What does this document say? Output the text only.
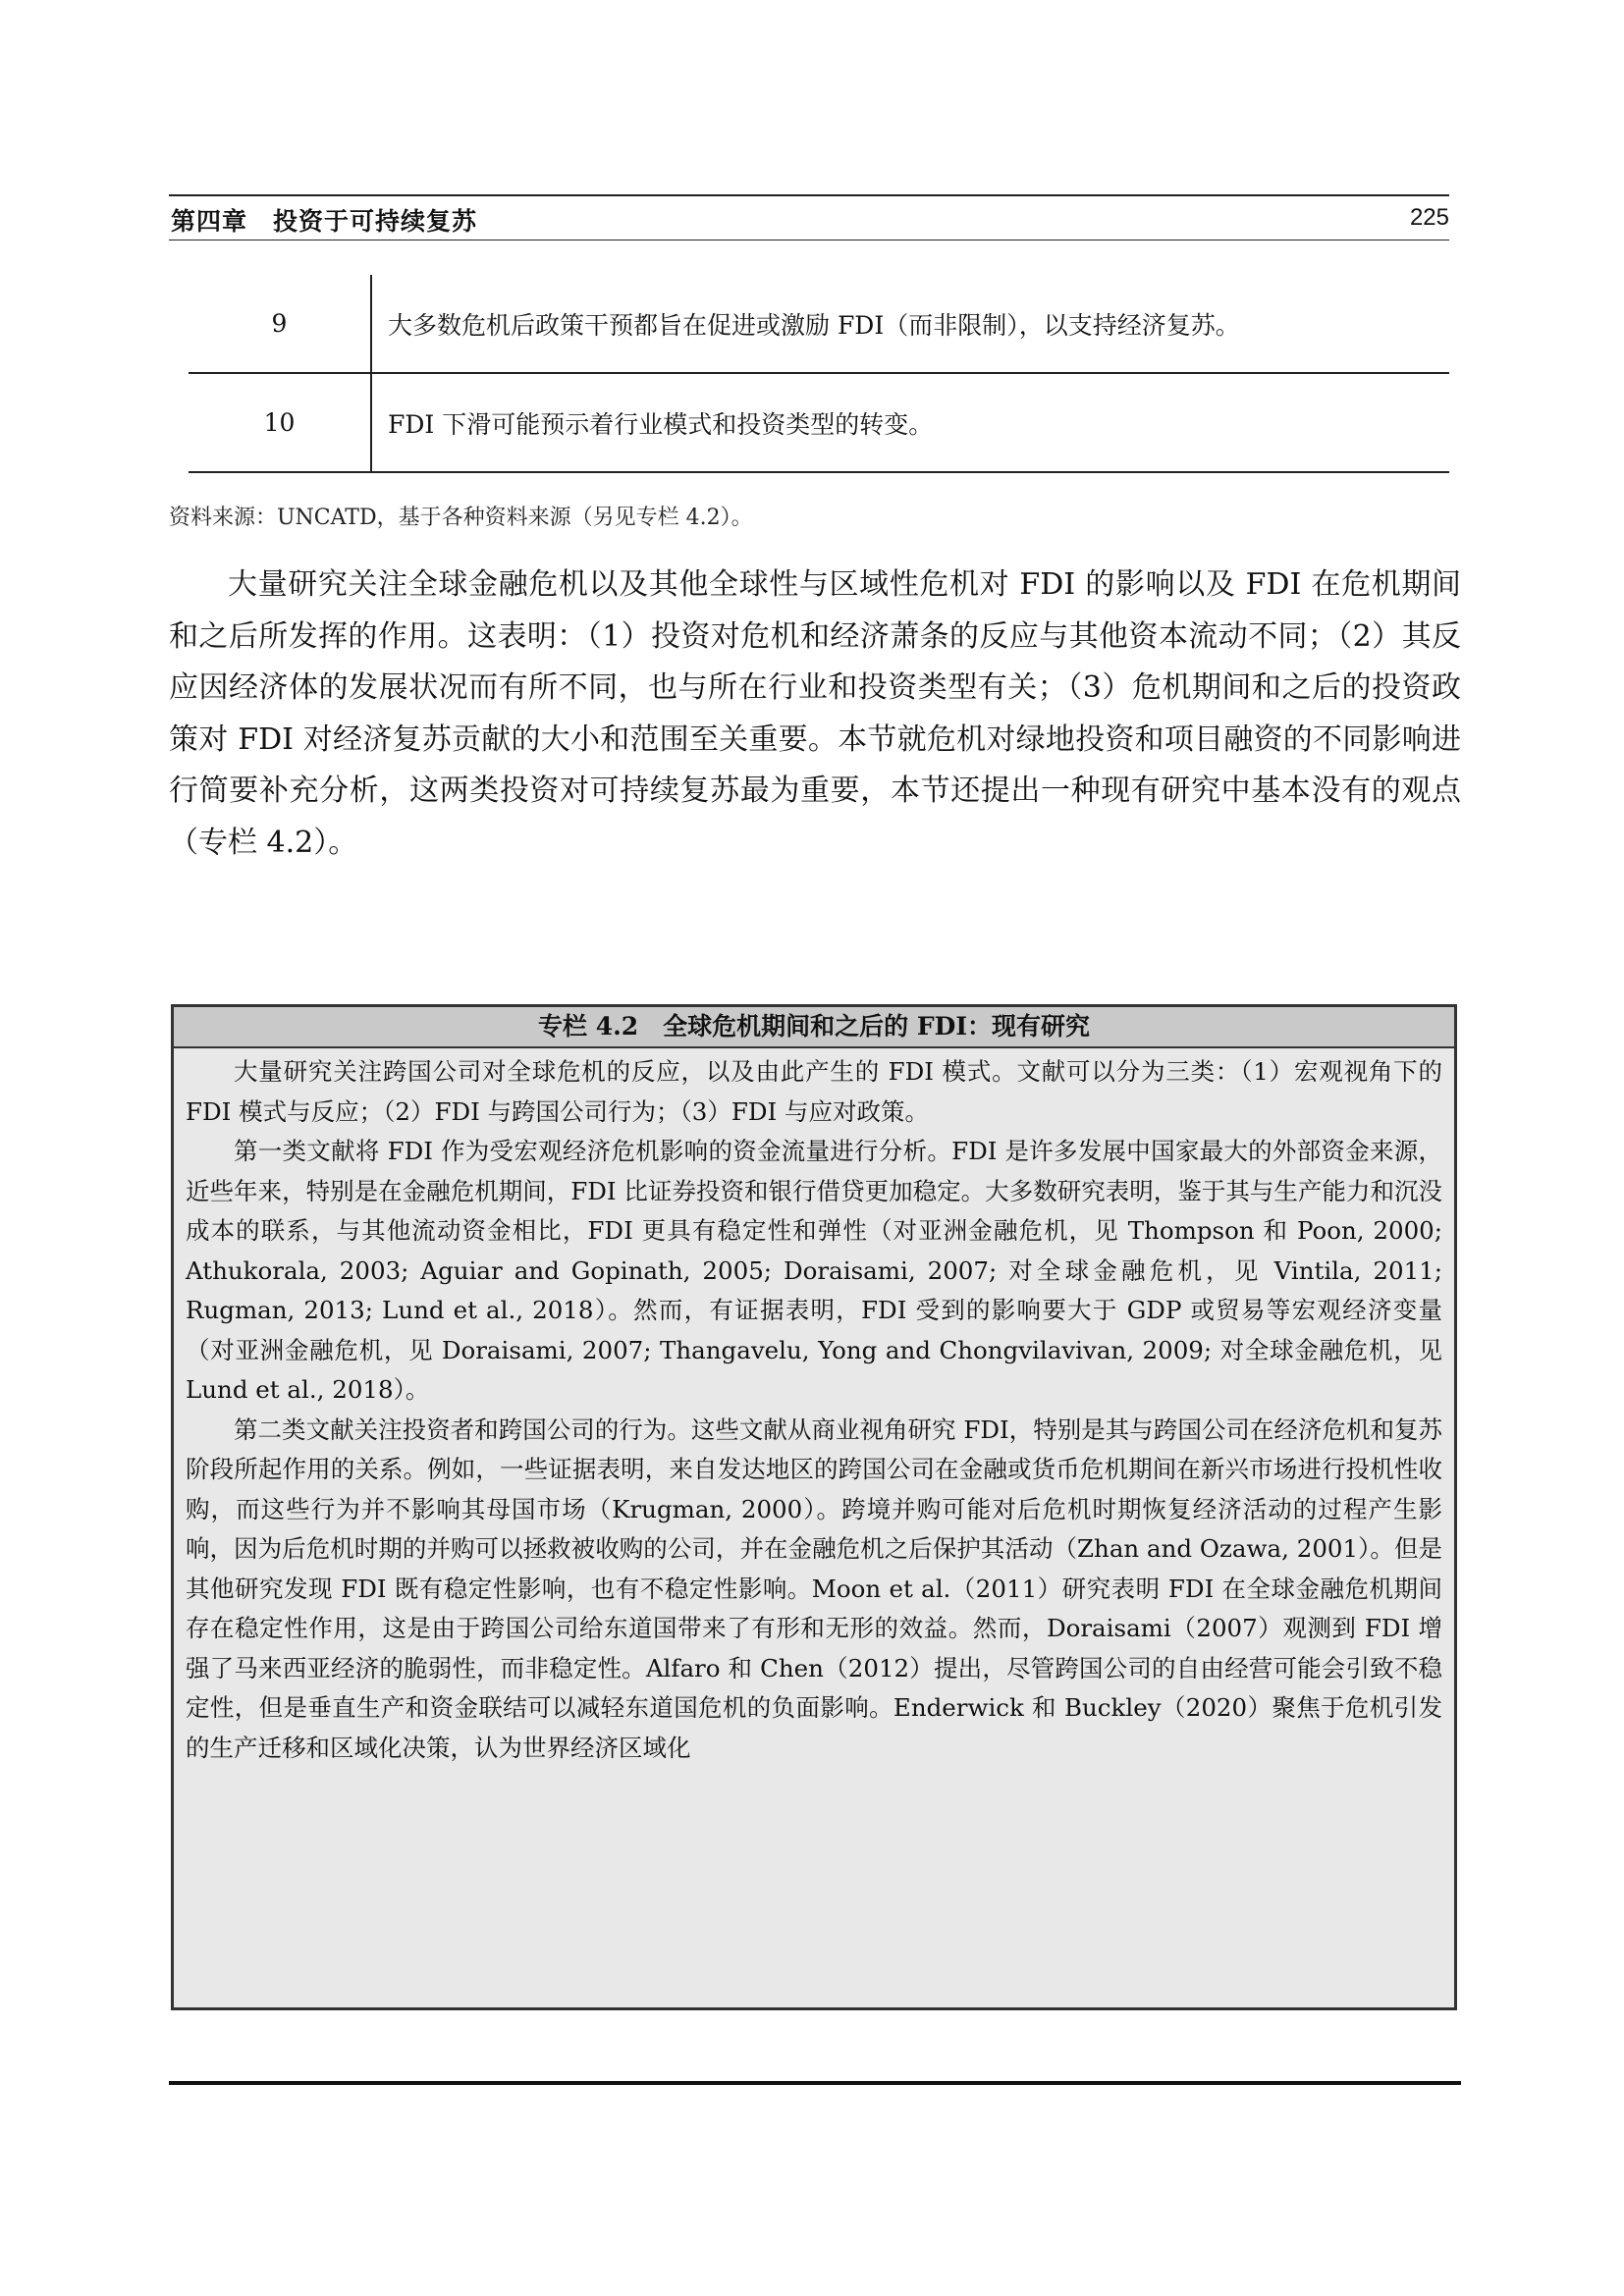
第四章　投资于可持续复苏	225
9	大多数危机后政策干预都旨在促进或激励 FDI（而非限制），以支持经济复苏。
10	FDI 下滑可能预示着行业模式和投资类型的转变。
资料来源：UNCATD，基于各种资料来源（另见专栏 4.2）。

大量研究关注全球金融危机以及其他全球性与区域性危机对 FDI 的影响以及 FDI 在危机期间和之后所发挥的作用。这表明：（1）投资对危机和经济萧条的反应与其他资本流动不同；（2）其反应因经济体的发展状况而有所不同，也与所在行业和投资类型有关；（3）危机期间和之后的投资政策对 FDI 对经济复苏贡献的大小和范围至关重要。本节就危机对绿地投资和项目融资的不同影响进行简要补充分析，这两类投资对可持续复苏最为重要，本节还提出一种现有研究中基本没有的观点（专栏 4.2）。

专栏 4.2　全球危机期间和之后的 FDI：现有研究

大量研究关注跨国公司对全球危机的反应，以及由此产生的 FDI 模式。文献可以分为三类：（1）宏观视角下的 FDI 模式与反应；（2）FDI 与跨国公司行为；（3）FDI 与应对政策。

第一类文献将 FDI 作为受宏观经济危机影响的资金流量进行分析。FDI 是许多发展中国家最大的外部资金来源，近些年来，特别是在金融危机期间，FDI 比证券投资和银行借贷更加稳定。大多数研究表明，鉴于其与生产能力和沉没成本的联系，与其他流动资金相比，FDI 更具有稳定性和弹性（对亚洲金融危机，见 Thompson 和 Poon, 2000; Athukorala, 2003; Aguiar and Gopinath, 2005; Doraisami, 2007; 对全球金融危机，见 Vintila, 2011; Rugman, 2013; Lund et al., 2018）。然而，有证据表明，FDI 受到的影响要大于 GDP 或贸易等宏观经济变量（对亚洲金融危机，见 Doraisami, 2007; Thangavelu, Yong and Chongvilavivan, 2009; 对全球金融危机，见 Lund et al., 2018）。

第二类文献关注投资者和跨国公司的行为。这些文献从商业视角研究 FDI，特别是其与跨国公司在经济危机和复苏阶段所起作用的关系。例如，一些证据表明，来自发达地区的跨国公司在金融或货币危机期间在新兴市场进行投机性收购，而这些行为并不影响其母国市场（Krugman, 2000）。跨境并购可能对后危机时期恢复经济活动的过程产生影响，因为后危机时期的并购可以拯救被收购的公司，并在金融危机之后保护其活动（Zhan and Ozawa, 2001）。但是其他研究发现 FDI 既有稳定性影响，也有不稳定性影响。Moon et al.（2011）研究表明 FDI 在全球金融危机期间存在稳定性作用，这是由于跨国公司给东道国带来了有形和无形的效益。然而，Doraisami（2007）观测到 FDI 增强了马来西亚经济的脆弱性，而非稳定性。Alfaro 和 Chen（2012）提出，尽管跨国公司的自由经营可能会引致不稳定性，但是垂直生产和资金联结可以减轻东道国危机的负面影响。Enderwick 和 Buckley（2020）聚焦于危机引发的生产迁移和区域化决策，认为世界经济区域化
